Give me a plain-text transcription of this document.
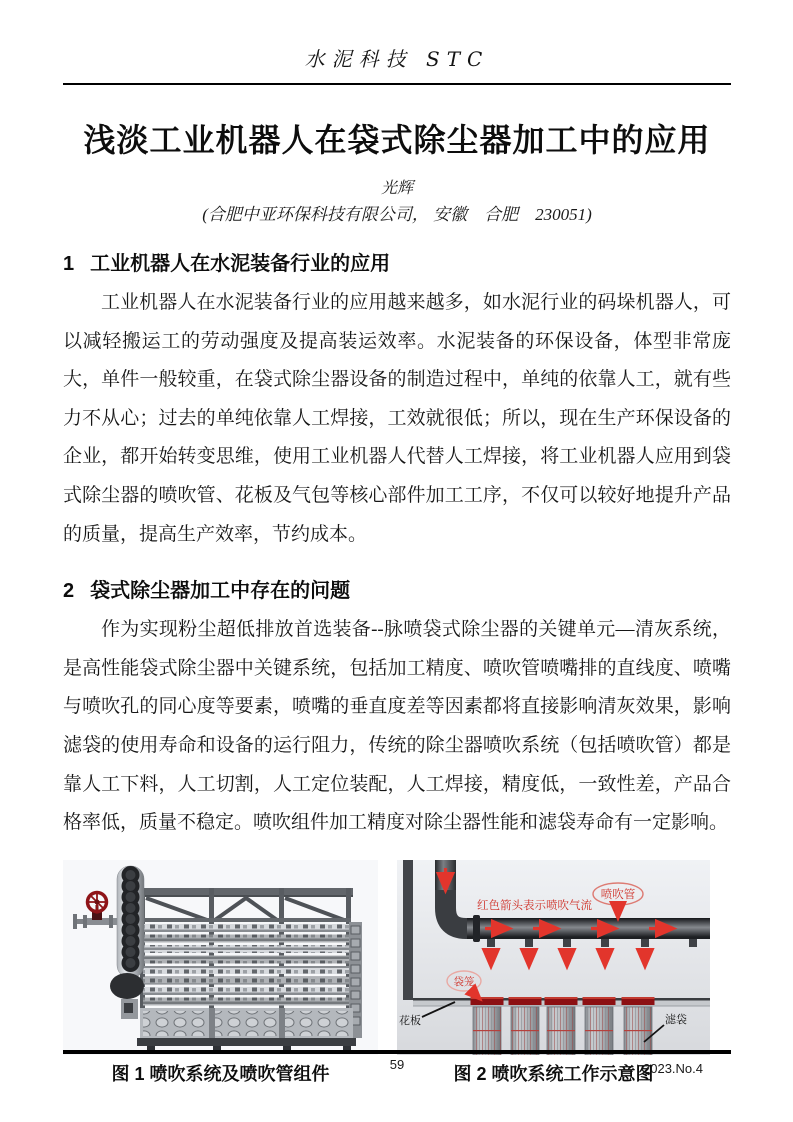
水泥科技 STC
浅淡工业机器人在袋式除尘器加工中的应用
光辉
(合肥中亚环保科技有限公司， 安徽　合肥　230051)
1 工业机器人在水泥装备行业的应用

工业机器人在水泥装备行业的应用越来越多，如水泥行业的码垛机器人，可以减轻搬运工的劳动强度及提高装运效率。水泥装备的环保设备，体型非常庞大，单件一般较重，在袋式除尘器设备的制造过程中，单纯的依靠人工，就有些力不从心；过去的单纯依靠人工焊接，工效就很低；所以，现在生产环保设备的企业，都开始转变思维，使用工业机器人代替人工焊接，将工业机器人应用到袋式除尘器的喷吹管、花板及气包等核心部件加工工序，不仅可以较好地提升产品的质量，提高生产效率，节约成本。

2 袋式除尘器加工中存在的问题

作为实现粉尘超低排放首选装备--脉喷袋式除尘器的关键单元—清灰系统，是高性能袋式除尘器中关键系统，包括加工精度、喷吹管喷嘴排的直线度、喷嘴与喷吹孔的同心度等要素，喷嘴的垂直度差等因素都将直接影响清灰效果，影响滤袋的使用寿命和设备的运行阻力，传统的除尘器喷吹系统（包括喷吹管）都是靠人工下料，人工切割，人工定位装配，人工焊接，精度低，一致性差，产品合格率低，质量不稳定。喷吹组件加工精度对除尘器性能和滤袋寿命有一定影响。

图 1 喷吹系统及喷吹管组件
红色箭头表示喷吹气流
喷吹管
袋笼
花板	滤袋
图 2 喷吹系统工作示意图
59	2023.No.4
